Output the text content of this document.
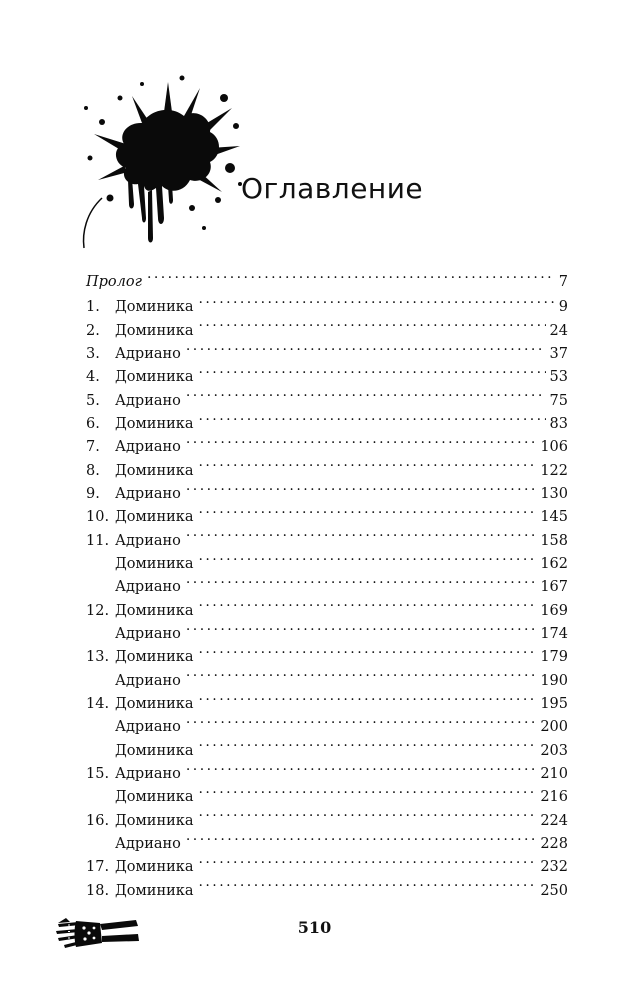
Оглавление
Пролог . . .	7
1.	Доминика . . .	9
2.	Доминика . . .	24
3.	Адриано . . .	37
4.	Доминика . . .	53
5.	Адриано . . .	75
6.	Доминика . . .	83
7.	Адриано . . .	106
8.	Доминика . . .	122
9.	Адриано . . .	130
10. Доминика . . .	145
11. Адриано . . .	158
Доминика . . .	162
Адриано . . .	167
12. Доминика . . .	169
Адриано . . .	174
13. Доминика . . .	179
Адриано . . .	190
14. Доминика . . .	195
Адриано . . .	200
Доминика . . .	203
15. Адриано . . .	210
Доминика . . .	216
16. Доминика . . .	224
Адриано . . .	228
17. Доминика . . .	232
18. Доминика . . .	250
510
